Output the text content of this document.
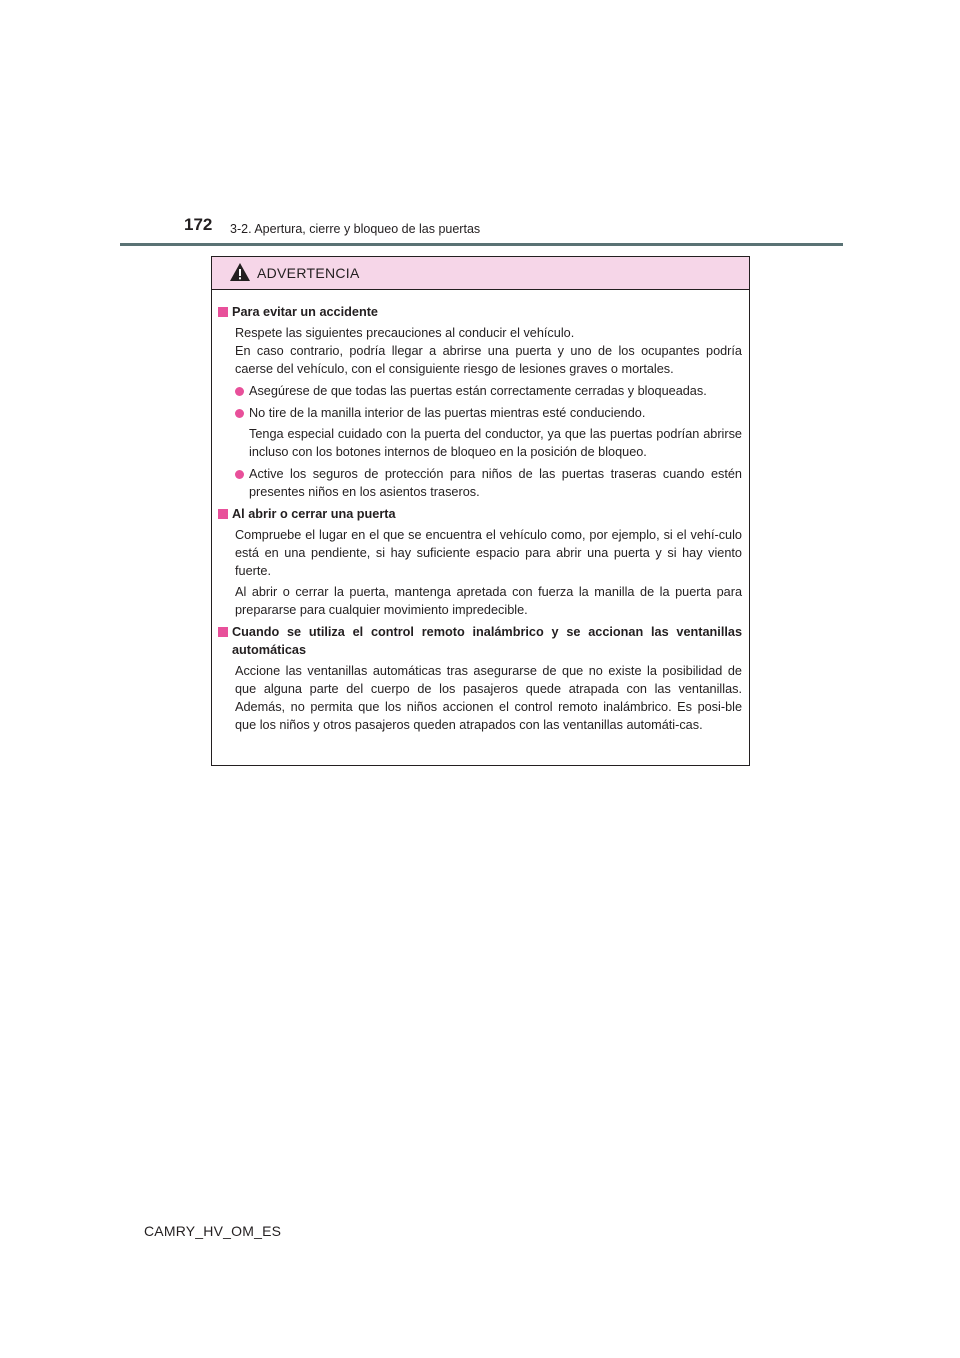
172 3-2. Apertura, cierre y bloqueo de las puertas
ADVERTENCIA
Para evitar un accidente
Respete las siguientes precauciones al conducir el vehículo.
En caso contrario, podría llegar a abrirse una puerta y uno de los ocupantes podría caerse del vehículo, con el consiguiente riesgo de lesiones graves o mortales.
Asegúrese de que todas las puertas están correctamente cerradas y bloqueadas.
No tire de la manilla interior de las puertas mientras esté conduciendo.
Tenga especial cuidado con la puerta del conductor, ya que las puertas podrían abrirse incluso con los botones internos de bloqueo en la posición de bloqueo.
Active los seguros de protección para niños de las puertas traseras cuando estén presentes niños en los asientos traseros.
Al abrir o cerrar una puerta
Compruebe el lugar en el que se encuentra el vehículo como, por ejemplo, si el vehí-culo está en una pendiente, si hay suficiente espacio para abrir una puerta y si hay viento fuerte.
Al abrir o cerrar la puerta, mantenga apretada con fuerza la manilla de la puerta para prepararse para cualquier movimiento impredecible.
Cuando se utiliza el control remoto inalámbrico y se accionan las ventanillas automáticas
Accione las ventanillas automáticas tras asegurarse de que no existe la posibilidad de que alguna parte del cuerpo de los pasajeros quede atrapada con las ventanillas. Además, no permita que los niños accionen el control remoto inalámbrico. Es posi-ble que los niños y otros pasajeros queden atrapados con las ventanillas automáti-cas.
CAMRY_HV_OM_ES
